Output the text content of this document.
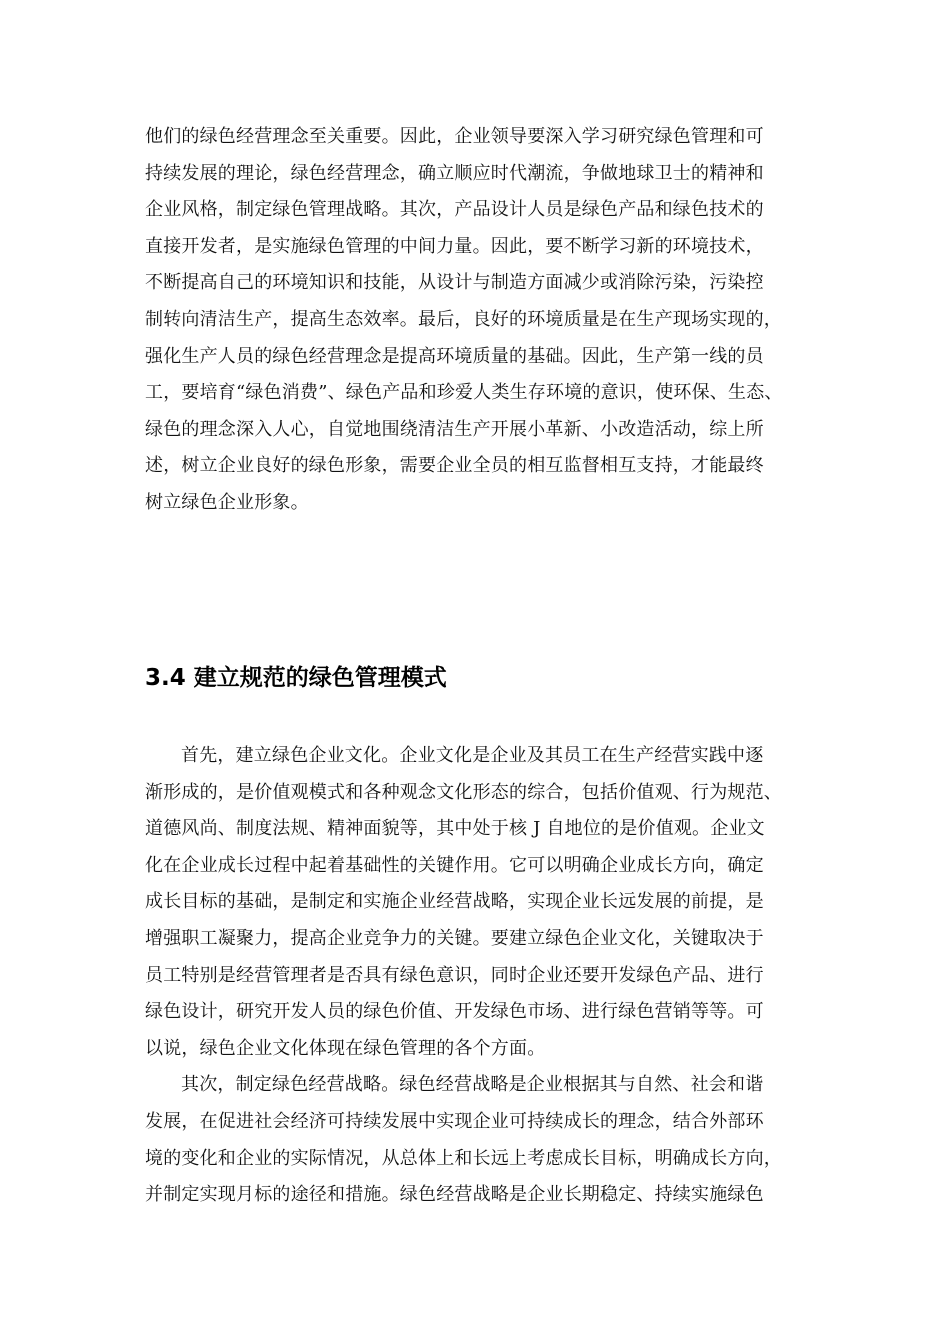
他们的绿色经营理念至关重要。因此，企业领导要深入学习研究绿色管理和可
持续发展的理论，绿色经营理念，确立顺应时代潮流，争做地球卫士的精神和
企业风格，制定绿色管理战略。其次，产品设计人员是绿色产品和绿色技术的
直接开发者，是实施绿色管理的中间力量。因此，要不断学习新的环境技术，
不断提高自己的环境知识和技能，从设计与制造方面减少或消除污染，污染控
制转向清洁生产，提高生态效率。最后，良好的环境质量是在生产现场实现的，
强化生产人员的绿色经营理念是提高环境质量的基础。因此，生产第一线的员
工，要培育“绿色消费”、绿色产品和珍爱人类生存环境的意识，使环保、生态、
绿色的理念深入人心，自觉地围绕清洁生产开展小革新、小改造活动，综上所
述，树立企业良好的绿色形象，需要企业全员的相互监督相互支持，才能最终
树立绿色企业形象。
3.4 建立规范的绿色管理模式
首先，建立绿色企业文化。企业文化是企业及其员工在生产经营实践中逐
渐形成的，是价值观模式和各种观念文化形态的综合，包括价值观、行为规范、
道德风尚、制度法规、精神面貌等，其中处于核 J 自地位的是价值观。企业文
化在企业成长过程中起着基础性的关键作用。它可以明确企业成长方向，确定
成长目标的基础，是制定和实施企业经营战略，实现企业长远发展的前提，是
增强职工凝聚力，提高企业竞争力的关键。要建立绿色企业文化，关键取决于
员工特别是经营管理者是否具有绿色意识，同时企业还要开发绿色产品、进行
绿色设计，研究开发人员的绿色价值、开发绿色市场、进行绿色营销等等。可
以说，绿色企业文化体现在绿色管理的各个方面。
其次，制定绿色经营战略。绿色经营战略是企业根据其与自然、社会和谐
发展，在促进社会经济可持续发展中实现企业可持续成长的理念，结合外部环
境的变化和企业的实际情况，从总体上和长远上考虑成长目标，明确成长方向，
并制定实现月标的途径和措施。绿色经营战略是企业长期稳定、持续实施绿色
